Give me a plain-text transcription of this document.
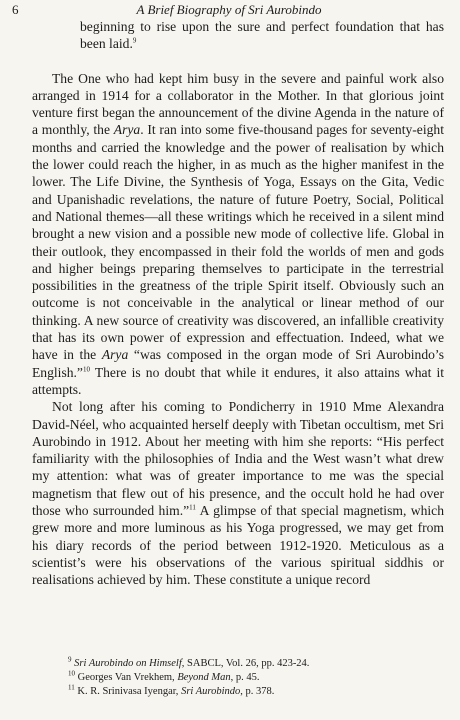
6	A Brief Biography of Sri Aurobindo

beginning to rise upon the sure and perfect foundation that has been laid.$^9$

The One who had kept him busy in the severe and painful work also arranged in 1914 for a collaborator in the Mother. In that glorious joint venture first began the announcement of the divine Agenda in the nature of a monthly, the Arya. It ran into some five-thousand pages for seventy-eight months and carried the knowledge and the power of realisation by which the lower could reach the higher, in as much as the higher manifest in the lower. The Life Divine, the Synthesis of Yoga, Essays on the Gita, Vedic and Upanishadic revelations, the nature of future Poetry, Social, Political and National themes—all these writings which he received in a silent mind brought a new vision and a possible new mode of collective life. Global in their outlook, they encompassed in their fold the worlds of men and gods and higher beings preparing themselves to participate in the terrestrial possibilities in the greatness of the triple Spirit itself. Obviously such an outcome is not conceivable in the analytical or linear method of our thinking. A new source of creativity was discovered, an infallible creativity that has its own power of expression and effectuation. Indeed, what we have in the Arya “was composed in the organ mode of Sri Aurobindo’s English.”$^{10}$ There is no doubt that while it endures, it also attains what it attempts.

Not long after his coming to Pondicherry in 1910 Mme Alexandra David-Néel, who acquainted herself deeply with Tibetan occultism, met Sri Aurobindo in 1912. About her meeting with him she reports: “His perfect familiarity with the philosophies of India and the West wasn’t what drew my attention: what was of greater importance to me was the special magnetism that flew out of his presence, and the occult hold he had over those who surrounded him.”$^{11}$ A glimpse of that special magnetism, which grew more and more luminous as his Yoga progressed, we may get from his diary records of the period between 1912-1920. Meticulous as a scientist’s were his observations of the various spiritual siddhis or realisations achieved by him. These constitute a unique record

$^9$ Sri Aurobindo on Himself, SABCL, Vol. 26, pp. 423-24.
$^{10}$ Georges Van Vrekhem, Beyond Man, p. 45.
$^{11}$ K. R. Srinivasa Iyengar, Sri Aurobindo, p. 378.
